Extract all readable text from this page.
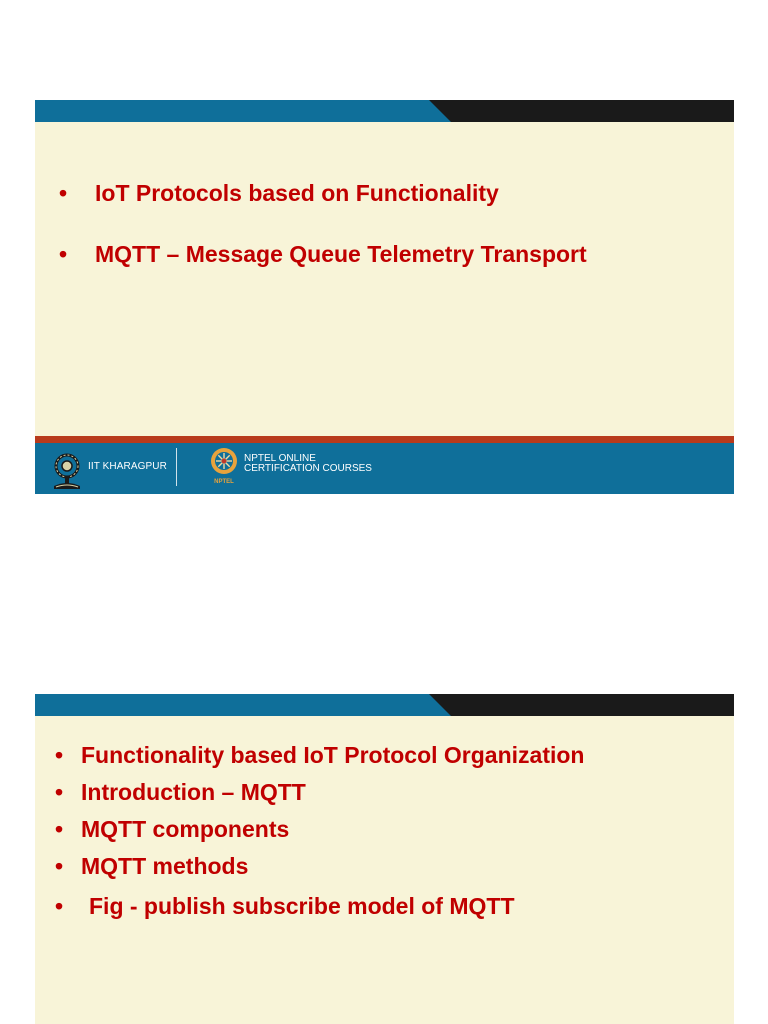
• IoT Protocols based on Functionality
• MQTT – Message Queue Telemetry Transport
IIT KHARAGPUR
NPTEL
NPTEL ONLINE
CERTIFICATION COURSES
• Functionality based IoT Protocol Organization
• Introduction – MQTT
• MQTT components
• MQTT methods
• Fig - publish subscribe model of MQTT
